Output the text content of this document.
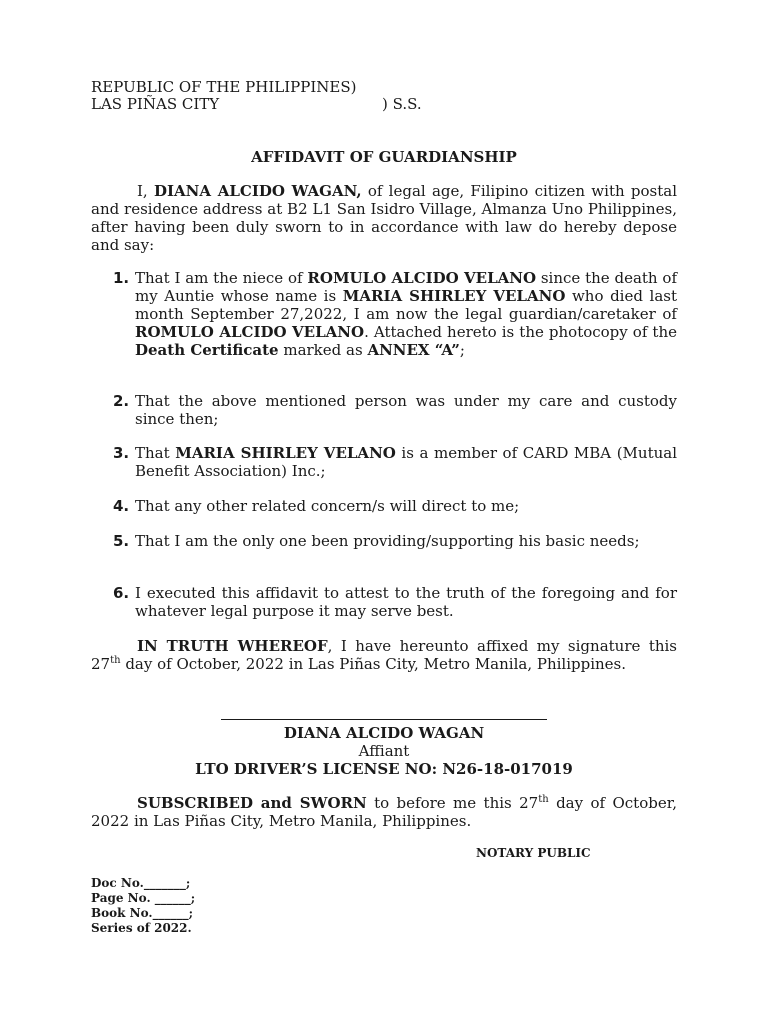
REPUBLIC OF THE PHILIPPINES)
LAS PIÑAS CITY	) S.S.
AFFIDAVIT OF GUARDIANSHIP
I, DIANA ALCIDO WAGAN, of legal age, Filipino citizen with postal and residence address at B2 L1 San Isidro Village, Almanza Uno Philippines, after having been duly sworn to in accordance with law do hereby depose and say:
1. That I am the niece of ROMULO ALCIDO VELANO since the death of my Auntie whose name is MARIA SHIRLEY VELANO who died last month September 27,2022, I am now the legal guardian/caretaker of ROMULO ALCIDO VELANO. Attached hereto is the photocopy of the Death Certificate marked as ANNEX “A”;
2. That the above mentioned person was under my care and custody since then;
3. That MARIA SHIRLEY VELANO is a member of CARD MBA (Mutual Benefit Association) Inc.;
4. That any other related concern/s will direct to me;
5. That I am the only one been providing/supporting his basic needs;
6. I executed this affidavit to attest to the truth of the foregoing and for whatever legal purpose it may serve best.
IN TRUTH WHEREOF, I have hereunto affixed my signature this 27th day of October, 2022 in Las Piñas City, Metro Manila, Philippines.
DIANA ALCIDO WAGAN
Affiant
LTO DRIVER’S LICENSE NO: N26-18-017019
SUBSCRIBED and SWORN to before me this 27th day of October, 2022 in Las Piñas City, Metro Manila, Philippines.
NOTARY PUBLIC
Doc No._______;
Page No. ______;
Book No.______;
Series of 2022.
